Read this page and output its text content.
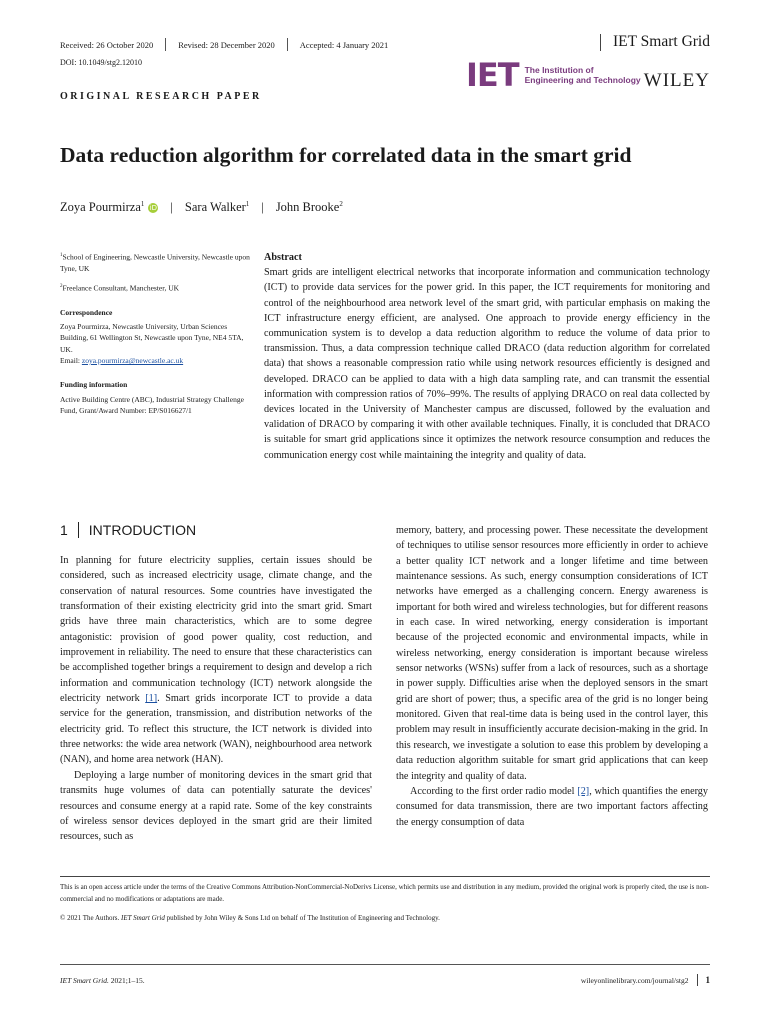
Received: 26 October 2020	Revised: 28 December 2020	Accepted: 4 January 2021	IET Smart Grid
DOI: 10.1049/stg2.12010	IET The Institution of
Engineering and Technology WILEY
ORIGINAL RESEARCH PAPER
Data reduction algorithm for correlated data in the smart grid
Zoya Pourmirza$^1$ iD | Sara Walker$^1$ | John Brooke$^2$

$^1$School of Engineering, Newcastle University, Newcastle upon Tyne, UK

$^2$Freelance Consultant, Manchester, UK

Correspondence

Zoya Pourmirza, Newcastle University, Urban Sciences Building, 61 Wellington St, Newcastle upon Tyne, NE4 5TA, UK.
Email: zoya.pourmirza@newcastle.ac.uk

Funding information

Active Building Centre (ABC), Industrial Strategy Challenge Fund, Grant/Award Number: EP/S016627/1

Abstract
Smart grids are intelligent electrical networks that incorporate information and communication technology (ICT) to provide data services for the power grid. In this paper, the ICT requirements for monitoring and control of the neighbourhood area network level of the smart grid, with particular emphasis on making the ICT infrastructure energy efficient, are analysed. One approach to provide energy efficiency in the communication system is to develop a data reduction algorithm to reduce the volume of data prior to transmission. Thus, a data compression technique called DRACO (data reduction algorithm for correlated data) that shows a reasonable compression ratio while using network resources efficiently is designed and developed. DRACO can be applied to data with a high data sampling rate, and can transmit the essential information with compression ratios of 70%–99%. The results of applying DRACO on real data collected by devices located in the University of Manchester campus are discussed, followed by the evaluation and validation of DRACO by comparing it with other available techniques. Finally, it is concluded that DRACO is suitable for smart grid applications since it optimizes the network resource consumption and reduces the communication energy cost while maintaining the integrity and quality of data.
1 INTRODUCTION

In planning for future electricity supplies, certain issues should be considered, such as increased electricity usage, climate change, and the conservation of natural resources. Some countries have investigated the transformation of their existing electricity grid into the smart grid. Smart grids have three main characteristics, which are to some degree antagonistic: provision of good power quality, cost reduction, and improvement in reliability. The need to ensure that these characteristics can be accomplished together brings a requirement to design and develop a rich information and communication technology (ICT) network alongside the electricity network [1]. Smart grids incorporate ICT to provide a data service for the generation, transmission, and distribution networks of the electricity grid. To reflect this structure, the ICT network is divided into three networks: the wide area network (WAN), neighbourhood area network (NAN), and home area network (HAN).

Deploying a large number of monitoring devices in the smart grid that transmits huge volumes of data can potentially saturate the devices' resources and consume energy at a rapid rate. Some of the key constraints of wireless sensor devices deployed in the smart grid are their limited resources, such as

memory, battery, and processing power. These necessitate the development of techniques to utilise sensor resources more efficiently in order to achieve a better quality ICT network and a longer lifetime and time between maintenance sessions. As such, energy consumption considerations of ICT networks have emerged as a challenging concern. Energy awareness is important for both wired and wireless technologies, but for different reasons in each case. In wired networking, energy consideration is important because of the projected economic and environmental impacts, while in wireless networking, energy consideration is important because wireless sensor networks (WSNs) suffer from a lack of resources, such as a shortage in power supply. Difficulties arise when the deployed sensors in the smart grid are short of power; thus, a specific area of the grid is no longer being monitored. Given that real-time data is being used in the control layer, this problem may result in insufficiently accurate decision-making in the grid. In this research, we investigate a solution to ease this problem by developing a data reduction algorithm suitable for smart grid applications that can keep the integrity and quality of data.

According to the first order radio model [2], which quantifies the energy consumed for data transmission, there are two important factors affecting the energy consumption of data

This is an open access article under the terms of the Creative Commons Attribution-NonCommercial-NoDerivs License, which permits use and distribution in any medium, provided the original work is properly cited, the use is non-commercial and no modifications or adaptations are made.
© 2021 The Authors. IET Smart Grid published by John Wiley & Sons Ltd on behalf of The Institution of Engineering and Technology.
IET Smart Grid. 2021;1–15.	wileyonlinelibrary.com/journal/stg2 1
